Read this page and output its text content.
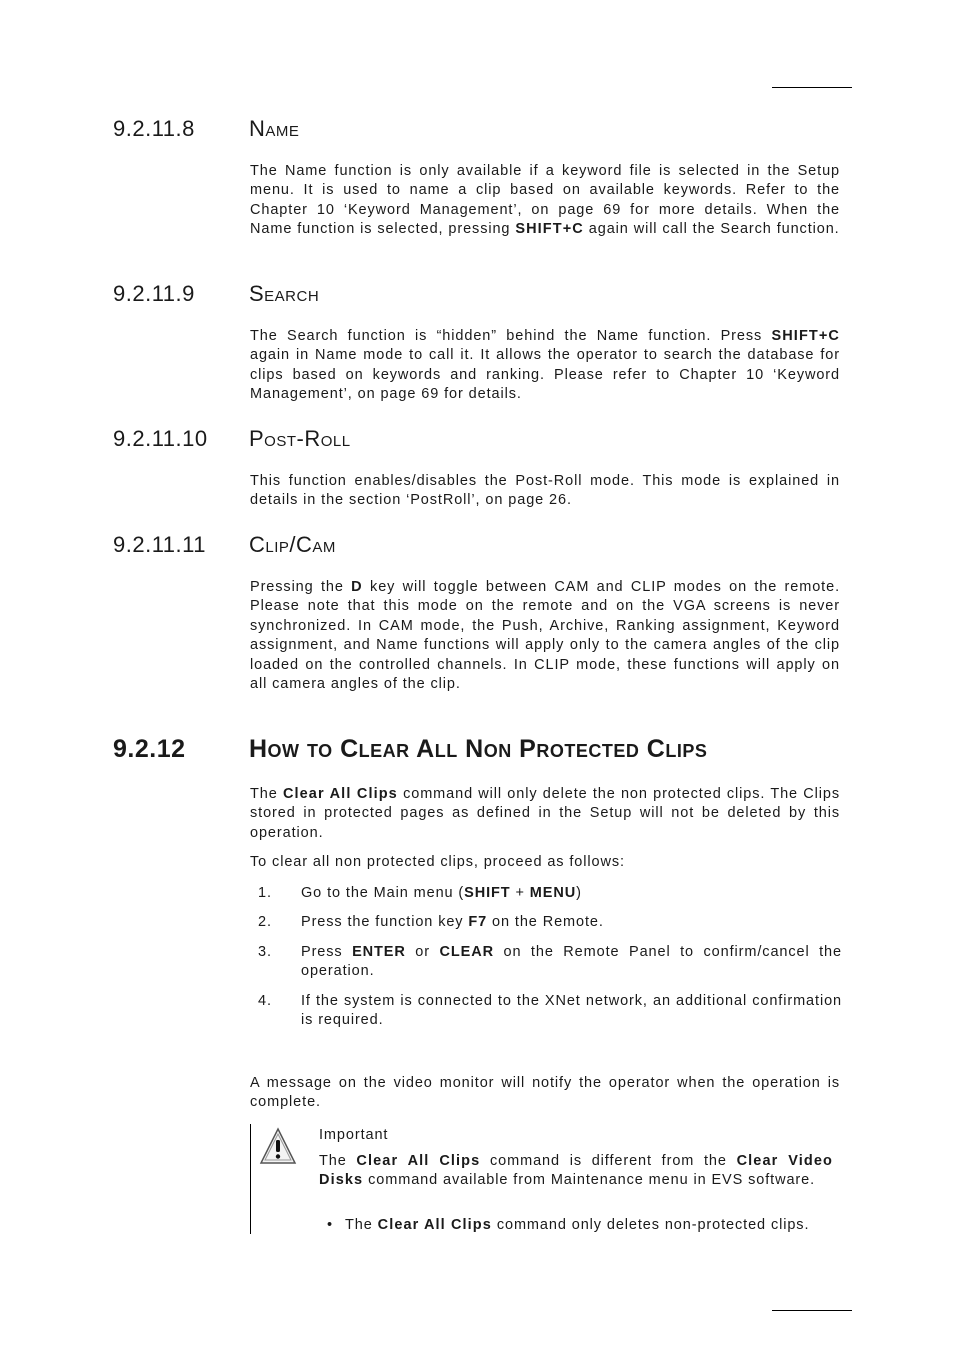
9.2.11.8 Name

The Name function is only available if a keyword file is selected in the Setup menu. It is used to name a clip based on available keywords. Refer to the Chapter 10 ‘Keyword Management’, on page 69 for more details. When the Name function is selected, pressing SHIFT+C again will call the Search function.

9.2.11.9 Search

The Search function is “hidden” behind the Name function. Press SHIFT+C again in Name mode to call it. It allows the operator to search the database for clips based on keywords and ranking. Please refer to Chapter 10 ‘Keyword Management’, on page 69 for details.

9.2.11.10 Post-Roll

This function enables/disables the Post-Roll mode. This mode is explained in details in the section ‘PostRoll’, on page 26.

9.2.11.11 Clip/Cam

Pressing the D key will toggle between CAM and CLIP modes on the remote. Please note that this mode on the remote and on the VGA screens is never synchronized. In CAM mode, the Push, Archive, Ranking assignment, Keyword assignment, and Name functions will apply only to the camera angles of the clip loaded on the controlled channels. In CLIP mode, these functions will apply on all camera angles of the clip.

9.2.12	How to Clear All Non Protected Clips

The Clear All Clips command will only delete the non protected clips. The Clips stored in protected pages as defined in the Setup will not be deleted by this operation.

To clear all non protected clips, proceed as follows:

1. Go to the Main menu (SHIFT + MENU)
2. Press the function key F7 on the Remote.
3. Press ENTER or CLEAR on the Remote Panel to confirm/cancel the operation.
4. If the system is connected to the XNet network, an additional confirmation is required.

A message on the video monitor will notify the operator when the operation is complete.

Important

The Clear All Clips command is different from the Clear Video Disks command available from Maintenance menu in EVS software.

• The Clear All Clips command only deletes non-protected clips.
